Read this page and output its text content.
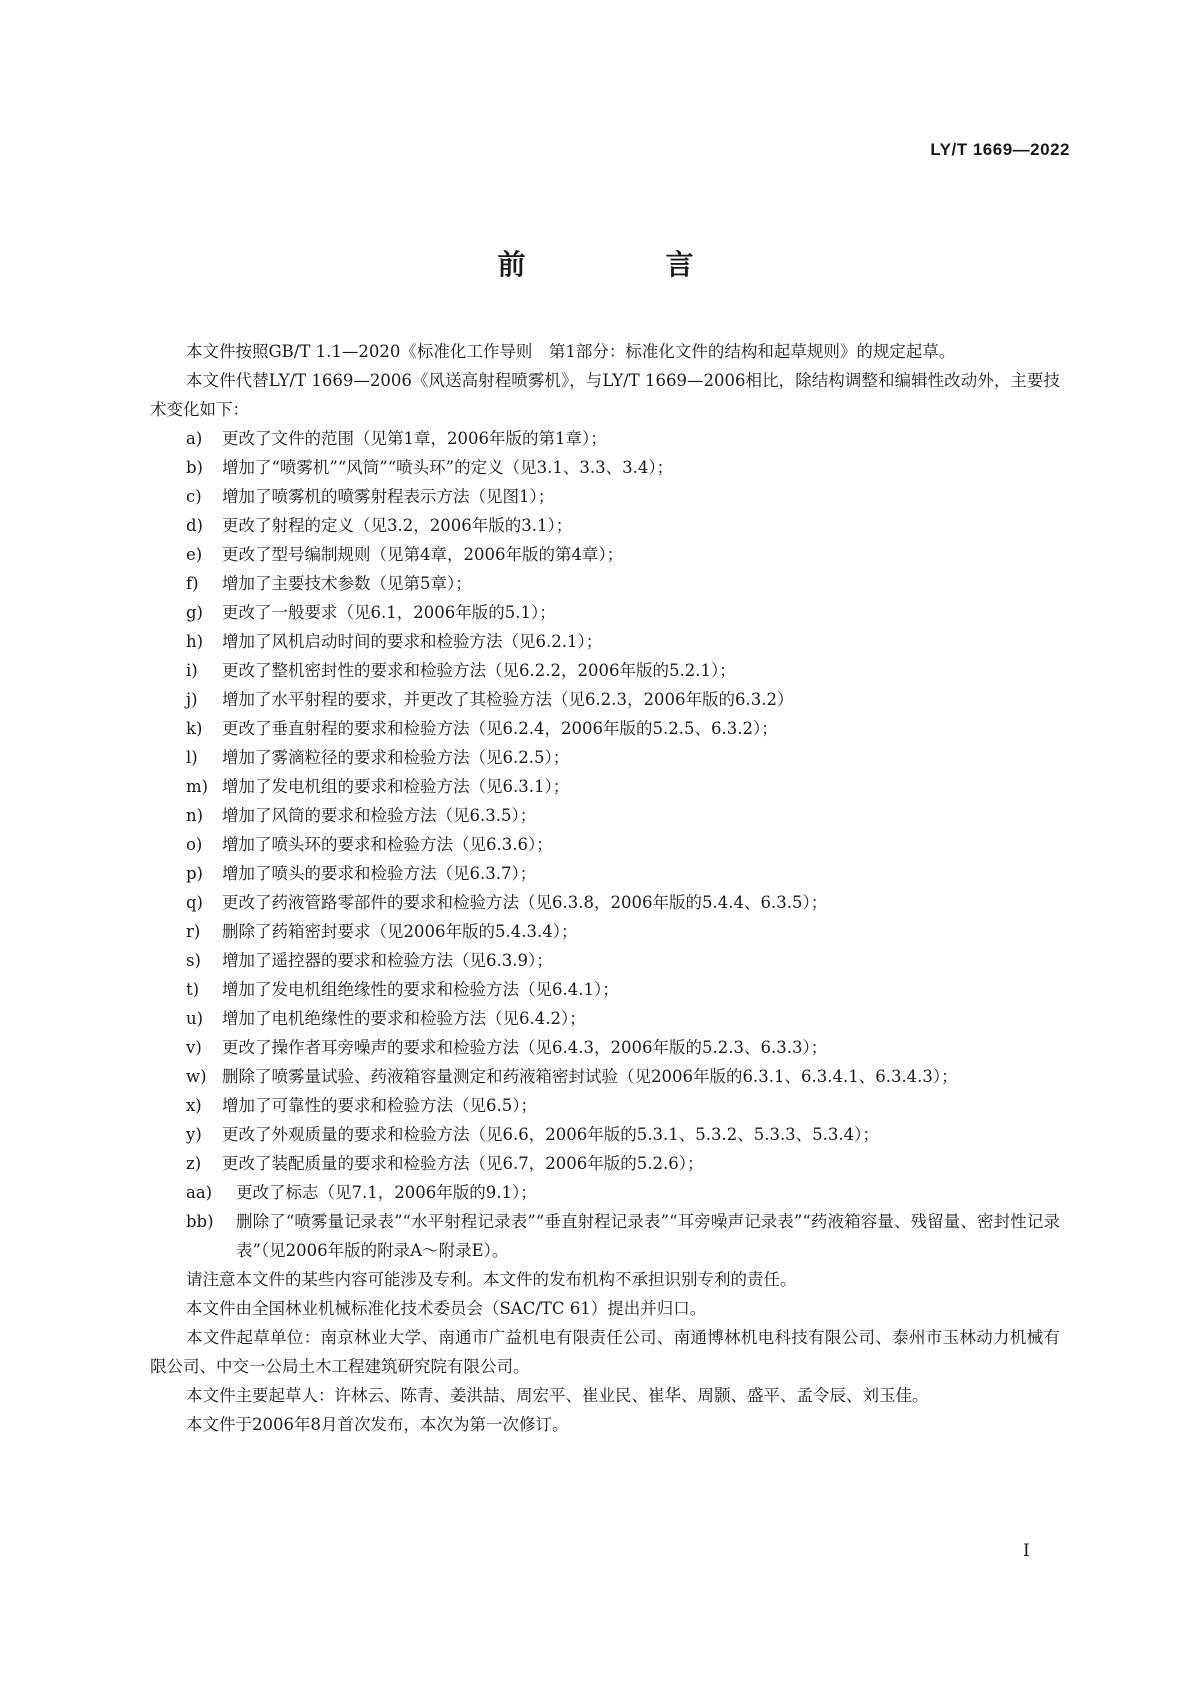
LY/T 1669—2022
前　言

本文件按照GB/T 1.1—2020《标准化工作导则　第1部分：标准化文件的结构和起草规则》的规定起草。

本文件代替LY/T 1669—2006《风送高射程喷雾机》，与LY/T 1669—2006相比，除结构调整和编辑性改动外，主要技术变化如下：

a)	更改了文件的范围（见第1章，2006年版的第1章）；
b)	增加了“喷雾机”“风筒”“喷头环”的定义（见3.1、3.3、3.4）；
c)	增加了喷雾机的喷雾射程表示方法（见图1）；
d)	更改了射程的定义（见3.2，2006年版的3.1）；
e)	更改了型号编制规则（见第4章，2006年版的第4章）；
f)	增加了主要技术参数（见第5章）；
g)	更改了一般要求（见6.1，2006年版的5.1）；
h)	增加了风机启动时间的要求和检验方法（见6.2.1）；
i)	更改了整机密封性的要求和检验方法（见6.2.2，2006年版的5.2.1）；
j)	增加了水平射程的要求，并更改了其检验方法（见6.2.3，2006年版的6.3.2）
k)	更改了垂直射程的要求和检验方法（见6.2.4，2006年版的5.2.5、6.3.2）；
l)	增加了雾滴粒径的要求和检验方法（见6.2.5）；
m) 增加了发电机组的要求和检验方法（见6.3.1）；
n)	增加了风筒的要求和检验方法（见6.3.5）；
o)	增加了喷头环的要求和检验方法（见6.3.6）；
p)	增加了喷头的要求和检验方法（见6.3.7）；
q)	更改了药液管路零部件的要求和检验方法（见6.3.8，2006年版的5.4.4、6.3.5）；
r)	删除了药箱密封要求（见2006年版的5.4.3.4）；
s)	增加了遥控器的要求和检验方法（见6.3.9）；
t)	增加了发电机组绝缘性的要求和检验方法（见6.4.1）；
u)	增加了电机绝缘性的要求和检验方法（见6.4.2）；
v)	更改了操作者耳旁噪声的要求和检验方法（见6.4.3，2006年版的5.2.3、6.3.3）；
w) 删除了喷雾量试验、药液箱容量测定和药液箱密封试验（见2006年版的6.3.1、6.3.4.1、6.3.4.3）；
x)	增加了可靠性的要求和检验方法（见6.5）；
y)	更改了外观质量的要求和检验方法（见6.6，2006年版的5.3.1、5.3.2、5.3.3、5.3.4）；
z)	更改了装配质量的要求和检验方法（见6.7，2006年版的5.2.6）；
aa)	更改了标志（见7.1，2006年版的9.1）；
bb)	删除了“喷雾量记录表”“水平射程记录表”“垂直射程记录表”“耳旁噪声记录表”“药液箱容量、残留量、密封性记录表”（见2006年版的附录A～附录E）。

请注意本文件的某些内容可能涉及专利。本文件的发布机构不承担识别专利的责任。

本文件由全国林业机械标准化技术委员会（SAC/TC 61）提出并归口。

本文件起草单位：南京林业大学、南通市广益机电有限责任公司、南通博林机电科技有限公司、泰州市玉林动力机械有限公司、中交一公局土木工程建筑研究院有限公司。

本文件主要起草人：许林云、陈青、姜洪喆、周宏平、崔业民、崔华、周颢、盛平、孟令辰、刘玉佳。

本文件于2006年8月首次发布，本次为第一次修订。

I
